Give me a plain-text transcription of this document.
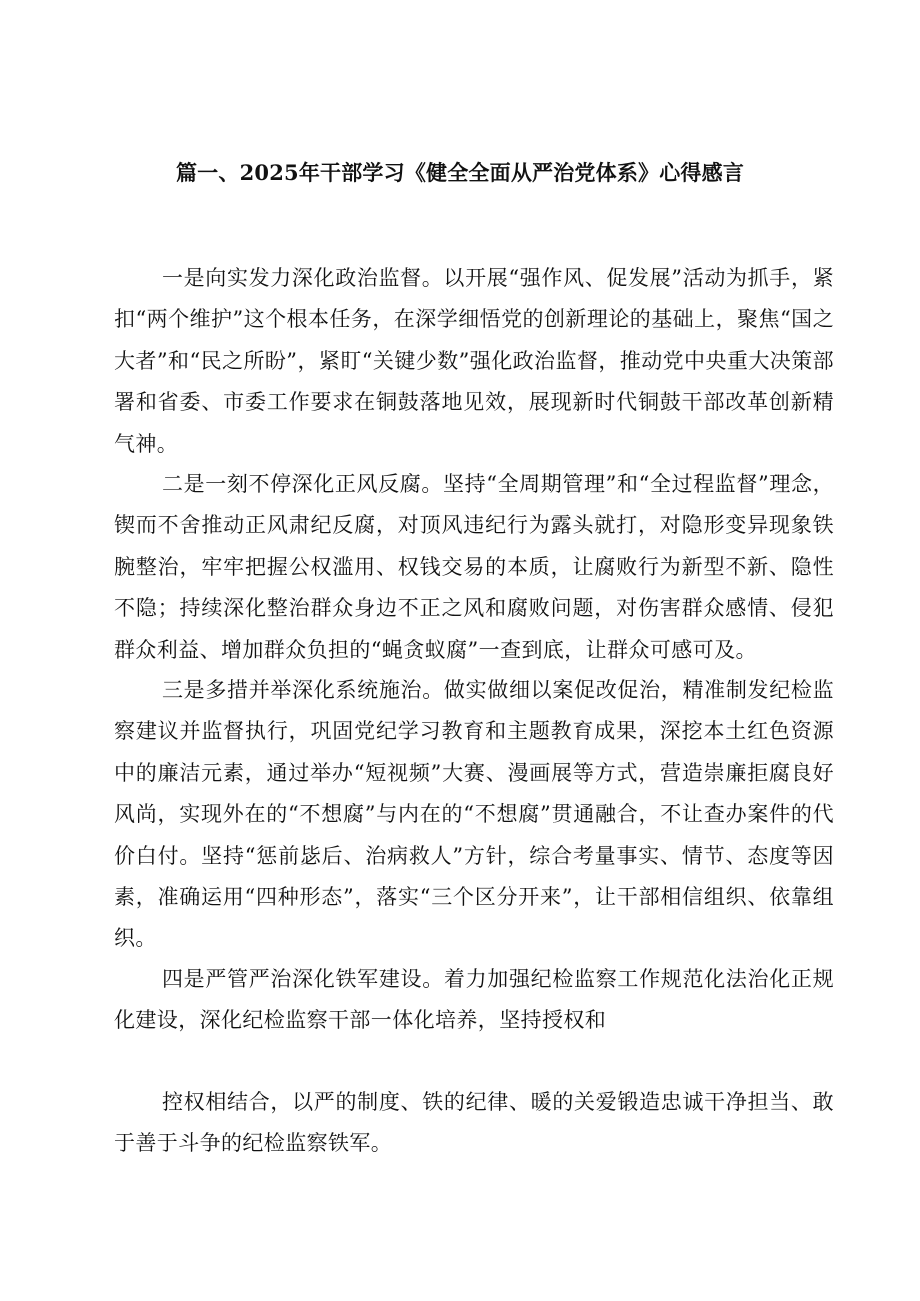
篇一、2025年干部学习《健全全面从严治党体系》心得感言

一是向实发力深化政治监督。以开展“强作风、促发展”活动为抓手，紧扣“两个维护”这个根本任务，在深学细悟党的创新理论的基础上，聚焦“国之大者”和“民之所盼”，紧盯“关键少数”强化政治监督，推动党中央重大决策部署和省委、市委工作要求在铜鼓落地见效，展现新时代铜鼓干部改革创新精气神。

二是一刻不停深化正风反腐。坚持“全周期管理”和“全过程监督”理念，锲而不舍推动正风肃纪反腐，对顶风违纪行为露头就打，对隐形变异现象铁腕整治，牢牢把握公权滥用、权钱交易的本质，让腐败行为新型不新、隐性不隐；持续深化整治群众身边不正之风和腐败问题，对伤害群众感情、侵犯群众利益、增加群众负担的“蝇贪蚁腐”一查到底，让群众可感可及。

三是多措并举深化系统施治。做实做细以案促改促治，精准制发纪检监察建议并监督执行，巩固党纪学习教育和主题教育成果，深挖本土红色资源中的廉洁元素，通过举办“短视频”大赛、漫画展等方式，营造崇廉拒腐良好风尚，实现外在的“不想腐”与内在的“不想腐”贯通融合，不让查办案件的代价白付。坚持“惩前毖后、治病救人”方针，综合考量事实、情节、态度等因素，准确运用“四种形态”，落实“三个区分开来”，让干部相信组织、依靠组织。

四是严管严治深化铁军建设。着力加强纪检监察工作规范化法治化正规化建设，深化纪检监察干部一体化培养，坚持授权和

控权相结合，以严的制度、铁的纪律、暖的关爱锻造忠诚干净担当、敢于善于斗争的纪检监察铁军。
